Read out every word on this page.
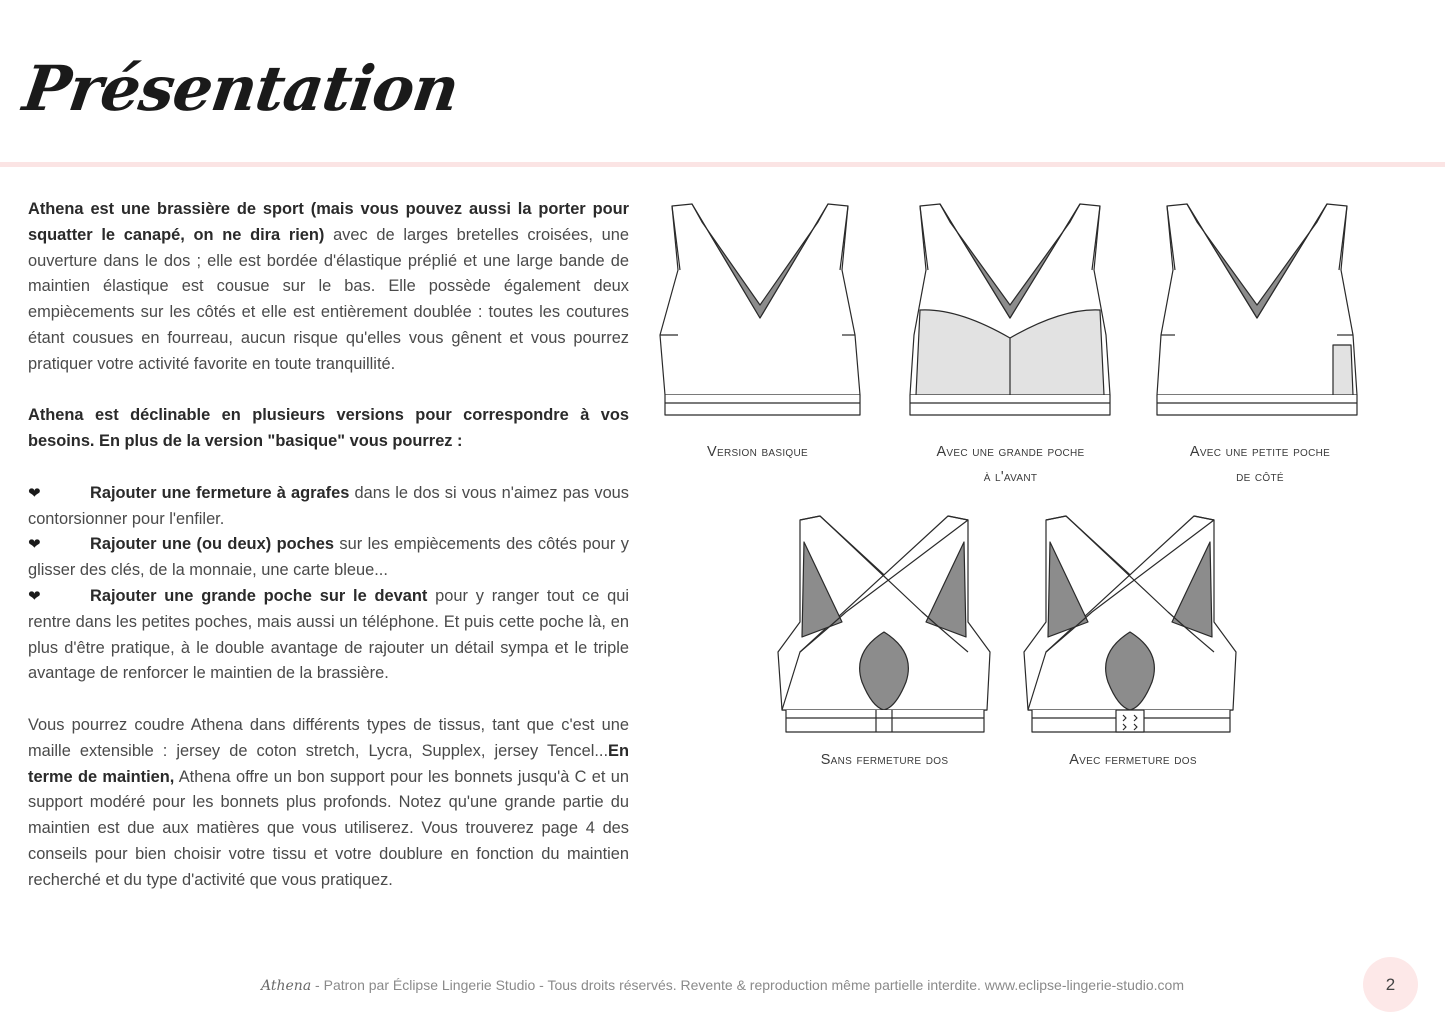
Présentation

Athena est une brassière de sport (mais vous pouvez aussi la porter pour squatter le canapé, on ne dira rien) avec de larges bretelles croisées, une ouverture dans le dos ; elle est bordée d'élastique préplié et une large bande de maintien élastique est cousue sur le bas. Elle possède également deux empiècements sur les côtés et elle est entièrement doublée : toutes les coutures étant cousues en fourreau, aucun risque qu'elles vous gênent et vous pourrez pratiquer votre activité favorite en toute tranquillité.

Athena est déclinable en plusieurs versions pour correspondre à vos besoins. En plus de la version "basique" vous pourrez :

❤	Rajouter une fermeture à agrafes dans le dos si vous n'aimez pas vous contorsionner pour l'enfiler.

❤	Rajouter une (ou deux) poches sur les empiècements des côtés pour y glisser des clés, de la monnaie, une carte bleue...

❤	Rajouter une grande poche sur le devant pour y ranger tout ce qui rentre dans les petites poches, mais aussi un téléphone. Et puis cette poche là, en plus d'être pratique, à le double avantage de rajouter un détail sympa et le triple avantage de renforcer le maintien de la brassière.

Vous pourrez coudre Athena dans différents types de tissus, tant que c'est une maille extensible : jersey de coton stretch, Lycra, Supplex, jersey Tencel...En terme de maintien, Athena offre un bon support pour les bonnets jusqu'à C et un support modéré pour les bonnets plus profonds. Notez qu'une grande partie du maintien est due aux matières que vous utiliserez. Vous trouverez page 4 des conseils pour bien choisir votre tissu et votre doublure en fonction du maintien recherché et du type d'activité que vous pratiquez.

Version basique	Avec une grande poche
à l'avant
Avec une petite poche
de côté
Sans fermeture dos	Avec fermeture dos
Athena - Patron par Éclipse Lingerie Studio - Tous droits réservés. Revente & reproduction même partielle interdite. www.eclipse-lingerie-studio.com	2
